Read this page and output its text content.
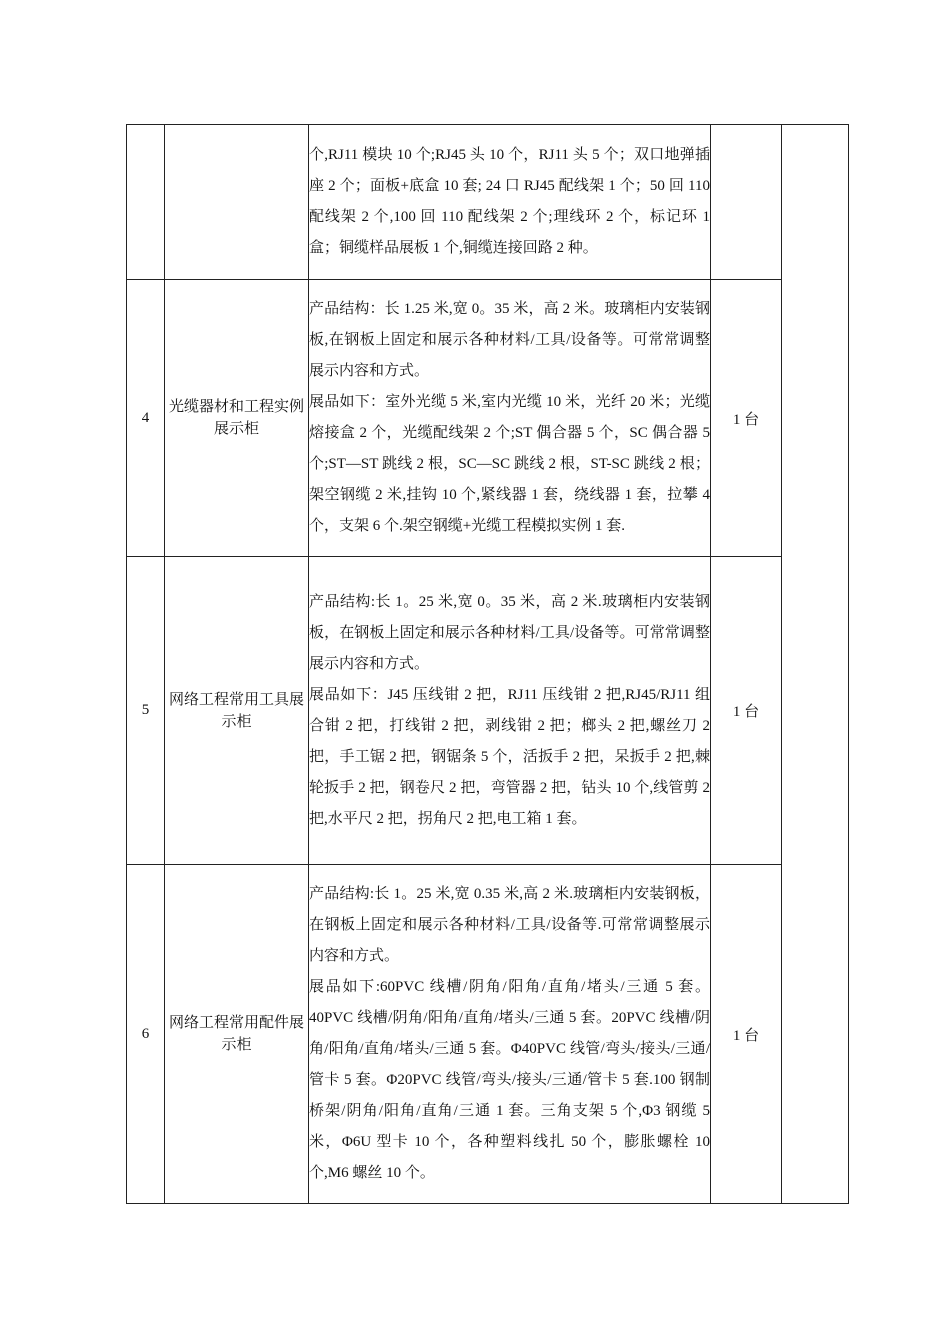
		个,RJ11 模块 10 个;RJ45 头 10 个，RJ11 头 5 个；双口地弹插座 2 个；面板+底盒 10 套; 24 口 RJ45 配线架 1 个；50 回 110 配线架 2 个,100 回 110 配线架 2 个;理线环 2 个，标记环 1 盒；铜缆样品展板 1 个,铜缆连接回路 2 种。		

4	光缆器材和工程实例展示柜	产品结构：长 1.25 米,宽 0。35 米，高 2 米。玻璃柜内安装钢板,在钢板上固定和展示各种材料/工具/设备等。可常常调整展示内容和方式。
展品如下：室外光缆 5 米,室内光缆 10 米，光纤 20 米；光缆熔接盒 2 个，光缆配线架 2 个;ST 偶合器 5 个，SC 偶合器 5 个;ST—ST 跳线 2 根，SC—SC 跳线 2 根，ST-SC 跳线 2 根；架空钢缆 2 米,挂钩 10 个,紧线器 1 套，绕线器 1 套，拉攀 4 个，支架 6 个.架空钢缆+光缆工程模拟实例 1 套.	1 台	
5	网络工程常用工具展示柜	产品结构:长 1。25 米,宽 0。35 米，高 2 米.玻璃柜内安装钢板，在钢板上固定和展示各种材料/工具/设备等。可常常调整展示内容和方式。
展品如下：J45 压线钳 2 把，RJ11 压线钳 2 把,RJ45/RJ11 组合钳 2 把，打线钳 2 把，剥线钳 2 把；榔头 2 把,螺丝刀 2 把，手工锯 2 把，钢锯条 5 个，活扳手 2 把，呆扳手 2 把,棘轮扳手 2 把，钢卷尺 2 把，弯管器 2 把，钻头 10 个,线管剪 2 把,水平尺 2 把，拐角尺 2 把,电工箱 1 套。	1 台	
6	网络工程常用配件展示柜	产品结构:长 1。25 米,宽 0.35 米,高 2 米.玻璃柜内安装钢板，在钢板上固定和展示各种材料/工具/设备等.可常常调整展示内容和方式。
展品如下:60PVC 线槽/阴角/阳角/直角/堵头/三通 5 套。40PVC 线槽/阴角/阳角/直角/堵头/三通 5 套。20PVC 线槽/阴角/阳角/直角/堵头/三通 5 套。Φ40PVC 线管/弯头/接头/三通/管卡 5 套。Φ20PVC 线管/弯头/接头/三通/管卡 5 套.100 钢制桥架/阴角/阳角/直角/三通 1 套。三角支架 5 个,Φ3 钢缆 5 米，Φ6U 型卡 10 个，各种塑料线扎 50 个，膨胀螺栓 10 个,M6 螺丝 10 个。	1 台	
